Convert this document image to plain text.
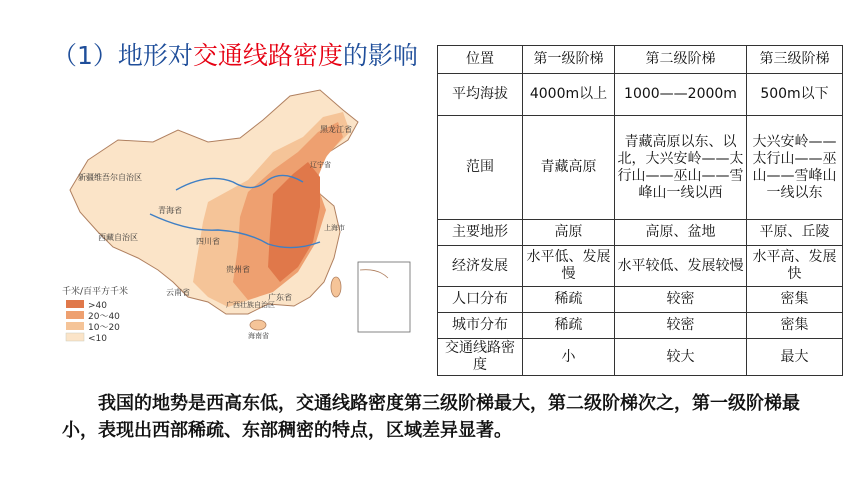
（1）地形对交通线路密度的影响
黑龙江省
新疆维吾尔自治区
西藏自治区
青海省
四川省
云南省
贵州省
广西壮族自治区
广东省
海南省
上海市
辽宁省
千米/百平方千米
>40
20～40
10～20
<10
位置	第一级阶梯	第二级阶梯	第三级阶梯
平均海拔	4000m以上	1000——2000m	500m以下
范围	青藏高原	青藏高原以东、以北，大兴安岭——太行山——巫山——雪峰山一线以西	大兴安岭——太行山——巫山——雪峰山一线以东
主要地形	高原	高原、盆地	平原、丘陵
经济发展	水平低、发展慢	水平较低、发展较慢	水平高、发展快
人口分布	稀疏	较密	密集
城市分布	稀疏	较密	密集
交通线路密度	小	较大	最大
我国的地势是西高东低，交通线路密度第三级阶梯最大，第二级阶梯次之，第一级阶梯最小，表现出西部稀疏、东部稠密的特点，区域差异显著。
